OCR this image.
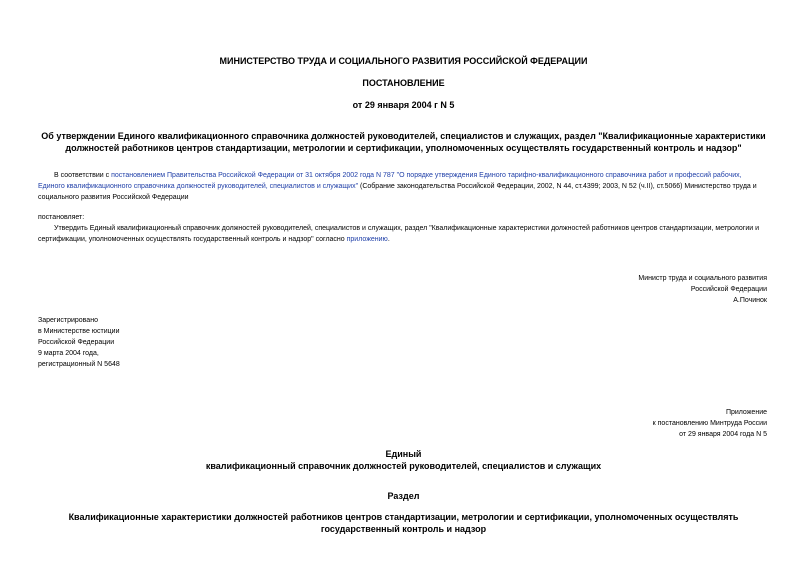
МИНИСТЕРСТВО ТРУДА И СОЦИАЛЬНОГО РАЗВИТИЯ РОССИЙСКОЙ ФЕДЕРАЦИИ
ПОСТАНОВЛЕНИЕ
от 29 января 2004 г N 5

Об утверждении Единого квалификационного справочника должностей руководителей, специалистов и служащих, раздел "Квалификационные характеристики

должностей работников центров стандартизации, метрологии и сертификации, уполномоченных осуществлять государственный контроль и надзор"

В соответствии с постановлением Правительства Российской Федерации от 31 октября 2002 года N 787 "О порядке утверждения Единого тарифно-квалификационного справочника работ и профессий рабочих, Единого квалификационного справочника должностей руководителей, специалистов и служащих" (Собрание законодательства Российской Федерации, 2002, N 44, ст.4399; 2003, N 52 (ч.II), ст.5066) Министерство труда и социального развития Российской Федерации
постановляет:
Утвердить Единый квалификационный справочник должностей руководителей, специалистов и служащих, раздел "Квалификационные характеристики должностей работников центров стандартизации, метрологии и сертификации, уполномоченных осуществлять государственный контроль и надзор" согласно приложению.

Министр труда и социального развития

Российской Федерации

А.Починок

Зарегистрировано

в Министерстве юстиции

Российской Федерации

9 марта 2004 года,

регистрационный N 5648

Приложение

к постановлению Минтруда России

от 29 января 2004 года N 5

Единый

квалификационный справочник должностей руководителей, специалистов и служащих

Раздел

Квалификационные характеристики должностей работников центров стандартизации, метрологии и сертификации, уполномоченных осуществлять

государственный контроль и надзор
